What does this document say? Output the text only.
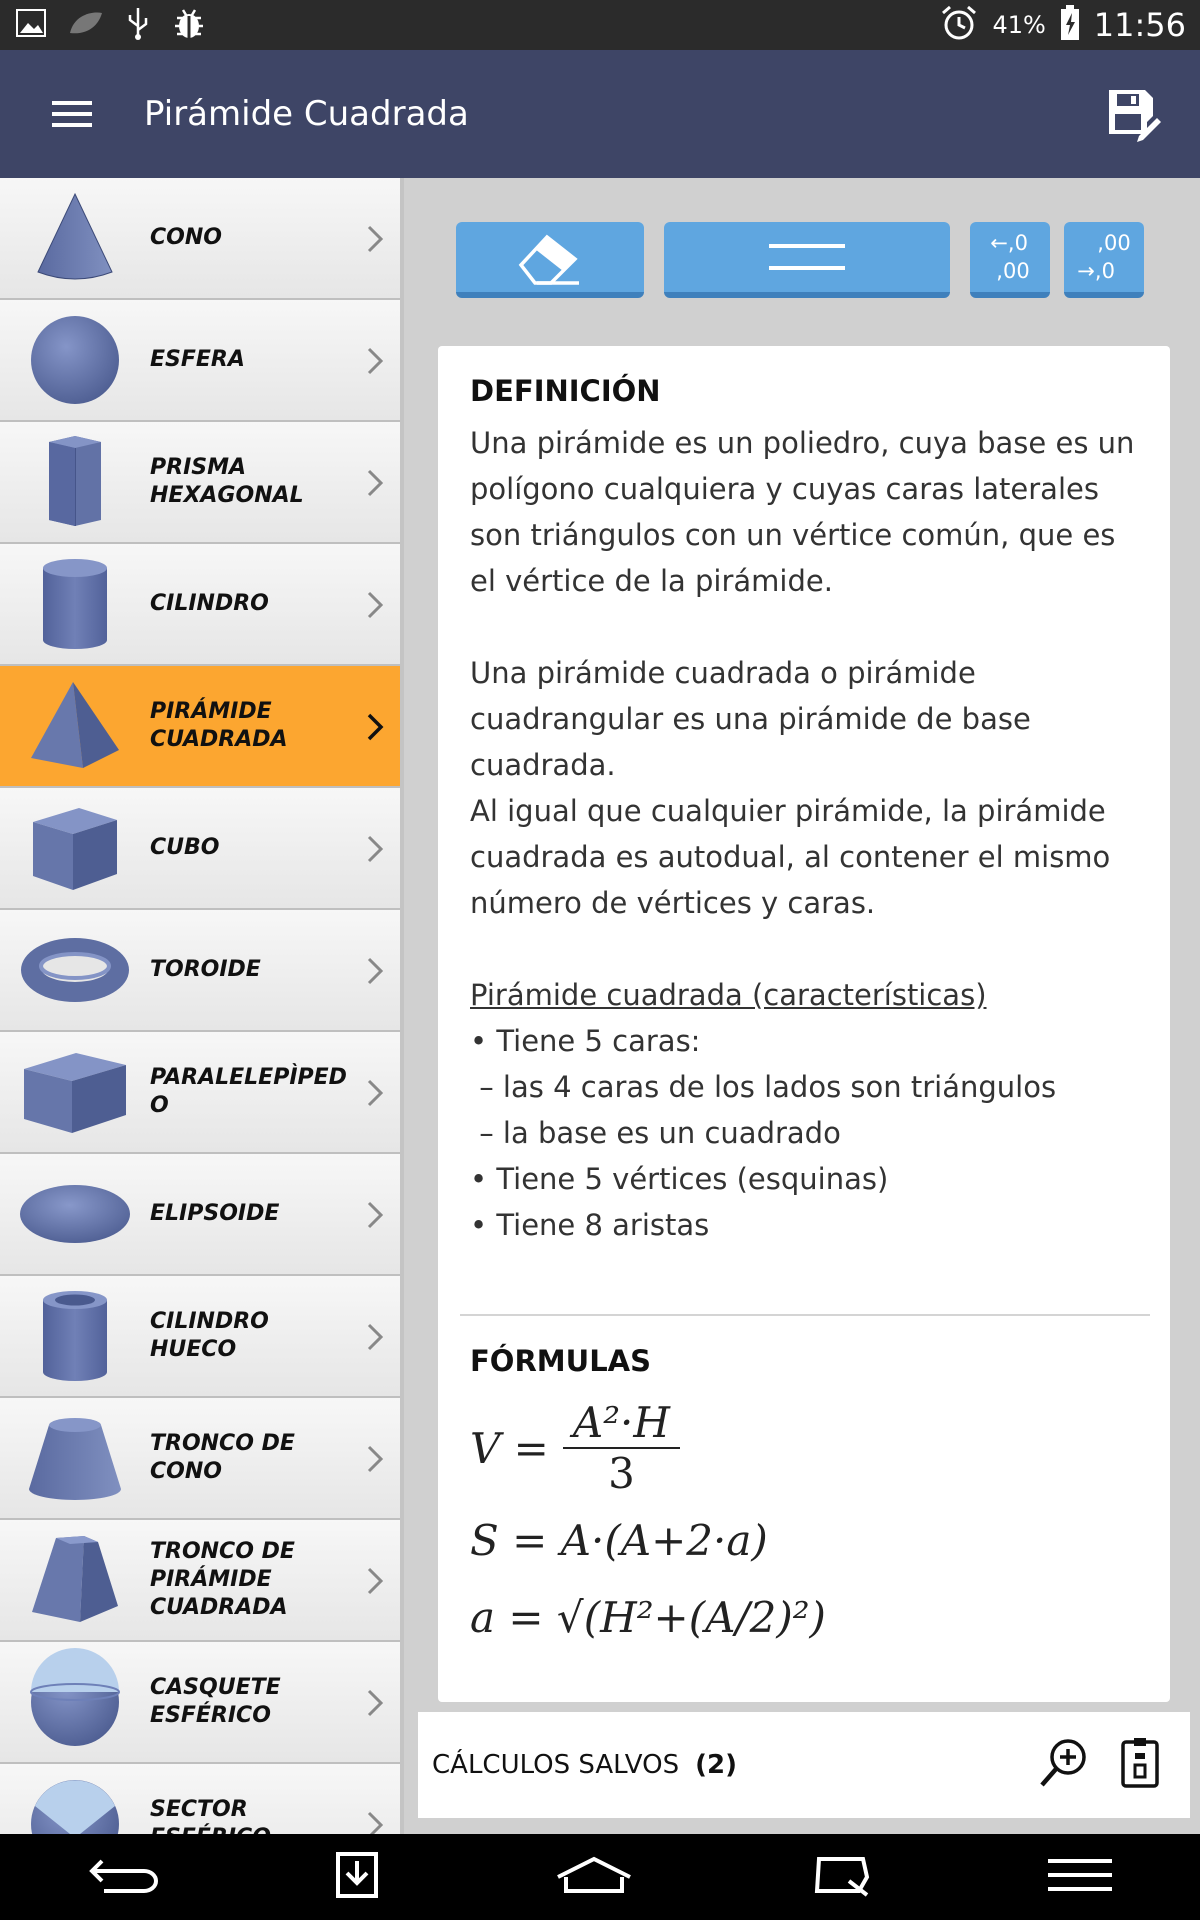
41% 11:56
Pirámide Cuadrada
CONO
ESFERA
PRISMA HEXAGONAL
CILINDRO
PIRÁMIDE CUADRADA
CUBO
TOROIDE
PARALELEPÌPED O
ELIPSOIDE
CILINDRO HUECO
TRONCO DE CONO
TRONCO DE PIRÁMIDE CUADRADA
CASQUETE ESFÉRICO
SECTOR
←,0
,00
,00
→,0
DEFINICIÓN
Una pirámide es un poliedro, cuya base es un polígono cualquiera y cuyas caras laterales son triángulos con un vértice común, que es el vértice de la pirámide.
Una pirámide cuadrada o pirámide cuadrangular es una pirámide de base cuadrada.
Al igual que cualquier pirámide, la pirámide cuadrada es autodual, al contener el mismo número de vértices y caras.
Pirámide cuadrada (características)
• Tiene 5 caras:
– las 4 caras de los lados son triángulos
– la base es un cuadrado
• Tiene 5 vértices (esquinas)
• Tiene 8 aristas
FÓRMULAS
$V = \frac{\text{A²·H}}{3}$
S = A·(A+2·a)
a = √(H²+(A/2)²)
CÁLCULOS SALVOS (2)
